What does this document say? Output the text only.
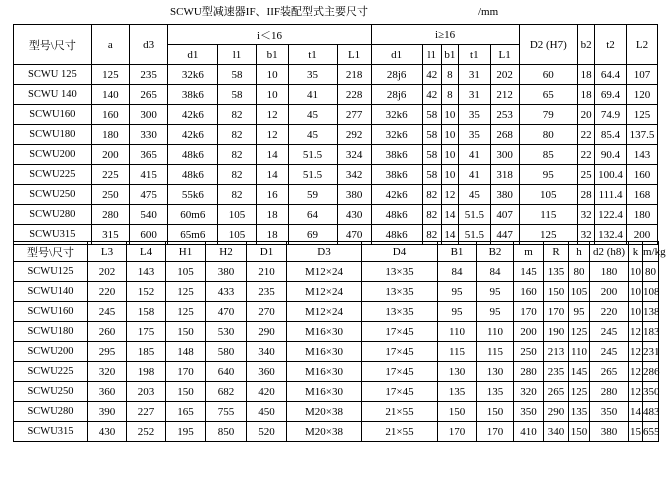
SCWU型减速器IF、IIF装配型式主要尺寸	/mm
型号\尺寸	a	d3	i＜16					i≥16					D2 (H7)	b2	t2	L2
			d1	l1	b1	t1	L1	d1	l1	b1	t1	L1				
SCWU 125	125	235	32k6	58	10	35	218	28j6	42	8	31	202	60	18	64.4	107
SCWU 140	140	265	38k6	58	10	41	228	28j6	42	8	31	212	65	18	69.4	120
SCWU160	160	300	42k6	82	12	45	277	32k6	58	10	35	253	79	20	74.9	125
SCWU180	180	330	42k6	82	12	45	292	32k6	58	10	35	268	80	22	85.4	137.5
SCWU200	200	365	48k6	82	14	51.5	324	38k6	58	10	41	300	85	22	90.4	143
SCWU225	225	415	48k6	82	14	51.5	342	38k6	58	10	41	318	95	25	100.4	160
SCWU250	250	475	55k6	82	16	59	380	42k6	82	12	45	380	105	28	111.4	168
SCWU280	280	540	60m6	105	18	64	430	48k6	82	14	51.5	407	115	32	122.4	180
SCWU315	315	600	65m6	105	18	69	470	48k6	82	14	51.5	447	125	32	132.4	200
型号\尺寸	L3	L4	H1	H2	D1	D3	D4	B1	B2	m	R	h	d2 (h8)	k	m/kg
SCWU125	202	143	105	380	210	M12×24	13×35	84	84	145	135	80	180	10	80
SCWU140	220	152	125	433	235	M12×24	13×35	95	95	160	150	105	200	10	108
SCWU160	245	158	125	470	270	M12×24	13×35	95	95	170	170	95	220	10	138
SCWU180	260	175	150	530	290	M16×30	17×45	110	110	200	190	125	245	12	183
SCWU200	295	185	148	580	340	M16×30	17×45	115	115	250	213	110	245	12	231
SCWU225	320	198	170	640	360	M16×30	17×45	130	130	280	235	145	265	12	286
SCWU250	360	203	150	682	420	M16×30	17×45	135	135	320	265	125	280	12	350
SCWU280	390	227	165	755	450	M20×38	21×55	150	150	350	290	135	350	14	483
SCWU315	430	252	195	850	520	M20×38	21×55	170	170	410	340	150	380	15	655
